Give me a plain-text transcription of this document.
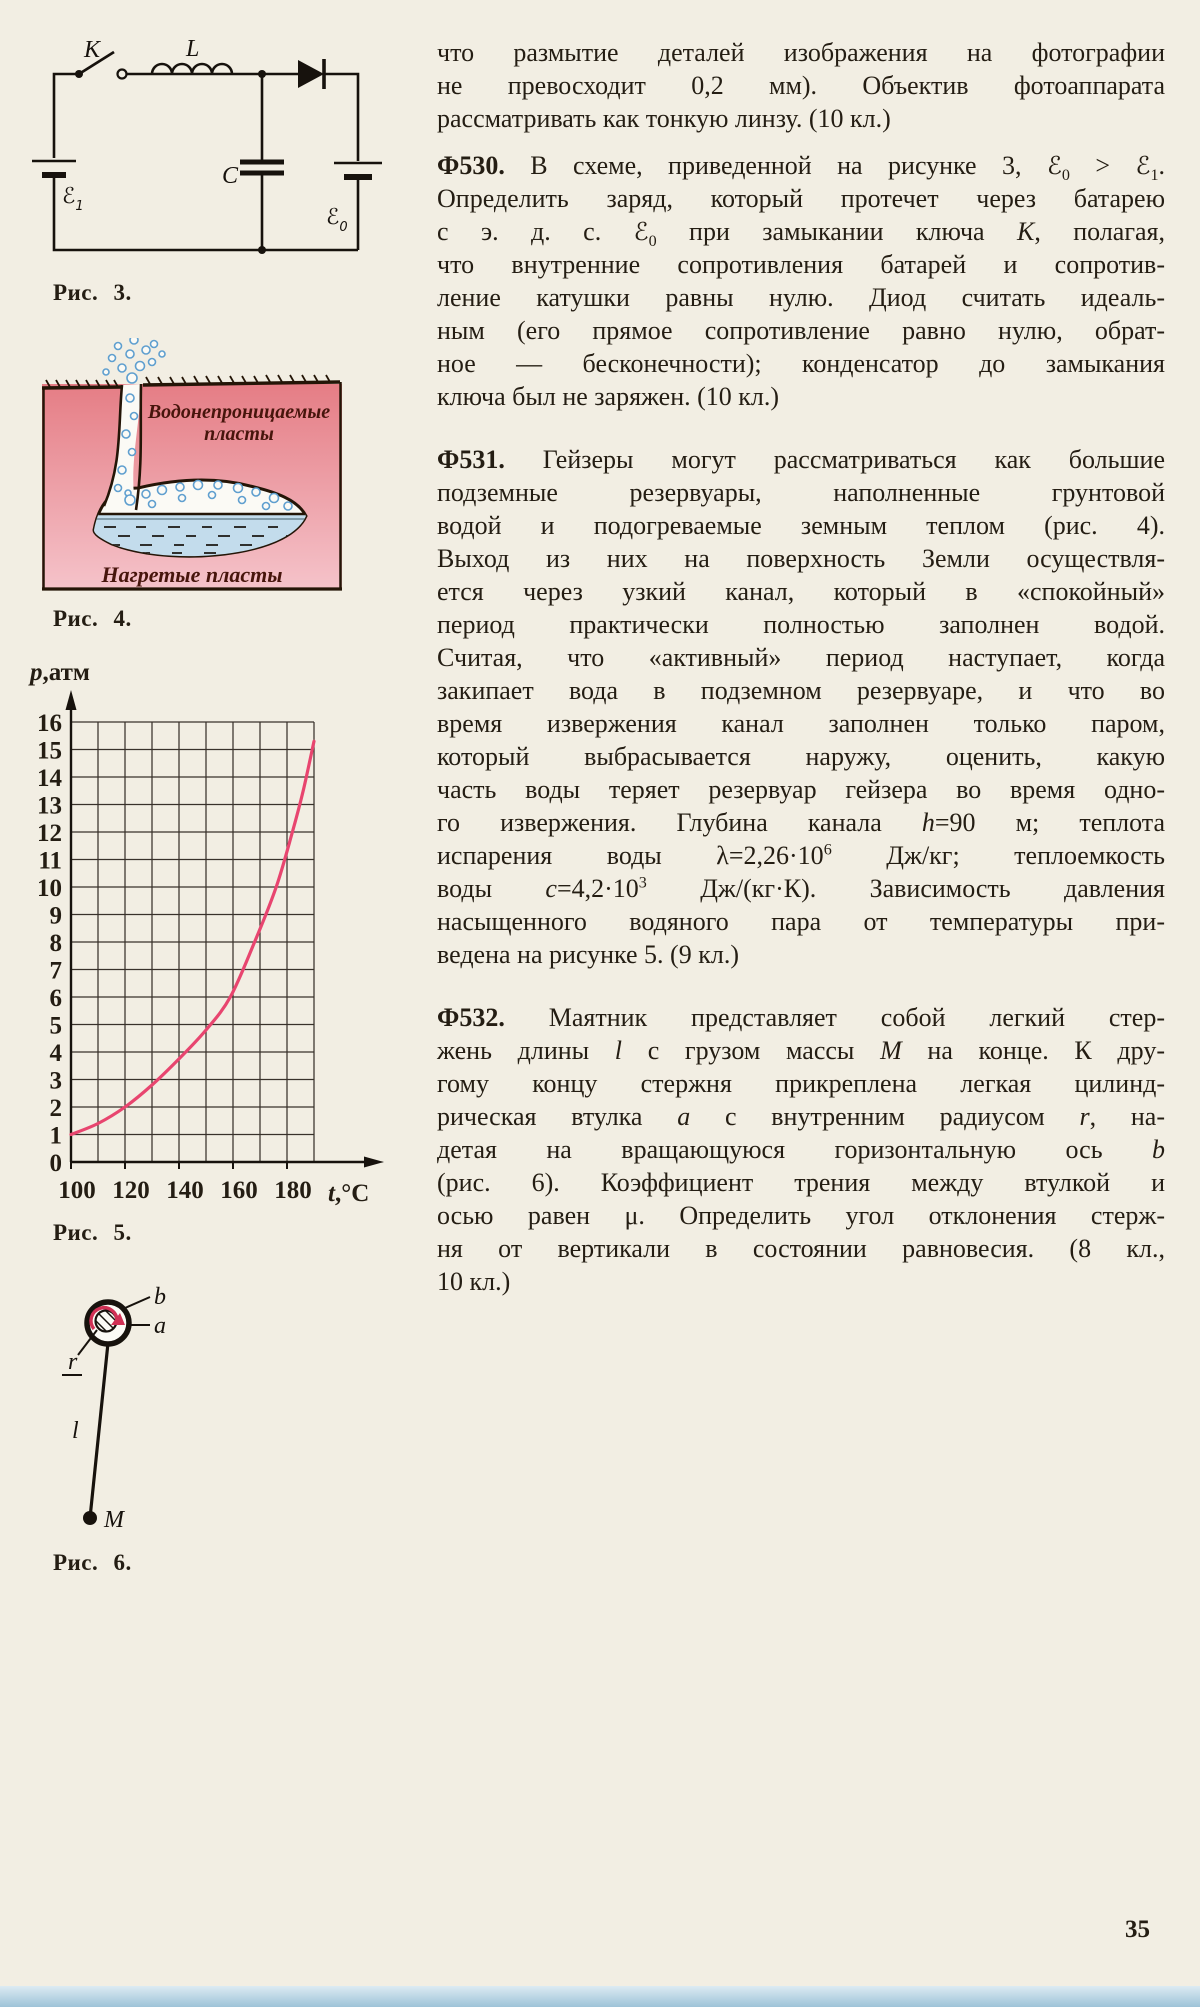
K	L
C
ℰ$_1$	ℰ$_0$
Рис. 3.
Водонепроницаемые
пласты
Нагретые пласты
Рис. 4.
0
1
2
3
4
5
6
7
8
9
10
11
12
13
14
15
16
100 120 140 160 180
p,атм
t,°C
Рис. 5.
b
a
r
l
M
Рис. 6.
что размытие деталей изображения на фотографии
не превосходит 0,2 мм). Объектив фотоаппарата
рассматривать как тонкую линзу. (10 кл.)
Ф530. В схеме, приведенной на рисунке 3, ℰ$_0$ > ℰ$_1$.
Определить заряд, который протечет через батарею
с э. д. с. ℰ$_0$ при замыкании ключа K, полагая,
что внутренние сопротивления батарей и сопротив-
ление катушки равны нулю. Диод считать идеаль-
ным (его прямое сопротивление равно нулю, обрат-
ное — бесконечности); конденсатор до замыкания
ключа был не заряжен. (10 кл.)
Ф531. Гейзеры могут рассматриваться как большие
подземные резервуары, наполненные грунтовой
водой и подогреваемые земным теплом (рис. 4).
Выход из них на поверхность Земли осуществля-
ется через узкий канал, который в «спокойный»
период практически полностью заполнен водой.
Считая, что «активный» период наступает, когда
закипает вода в подземном резервуаре, и что во
время извержения канал заполнен только паром,
который выбрасывается наружу, оценить, какую
часть воды теряет резервуар гейзера во время одно-
го извержения. Глубина канала h=90 м; теплота
испарения воды $\lambda=2,26\cdot 10^6$ Дж/кг; теплоемкость
воды $c=4,2\cdot 10^3$ Дж/(кг·К). Зависимость давления
насыщенного водяного пара от температуры при-
ведена на рисунке 5. (9 кл.)
Ф532. Маятник представляет собой легкий стер-
жень длины l с грузом массы M на конце. К дру-
гому концу стержня прикреплена легкая цилинд-
рическая втулка a с внутренним радиусом r, на-
детая на вращающуюся горизонтальную ось b
(рис. 6). Коэффициент трения между втулкой и
осью равен μ. Определить угол отклонения стерж-
ня от вертикали в состоянии равновесия. (8 кл.,
10 кл.)
35
